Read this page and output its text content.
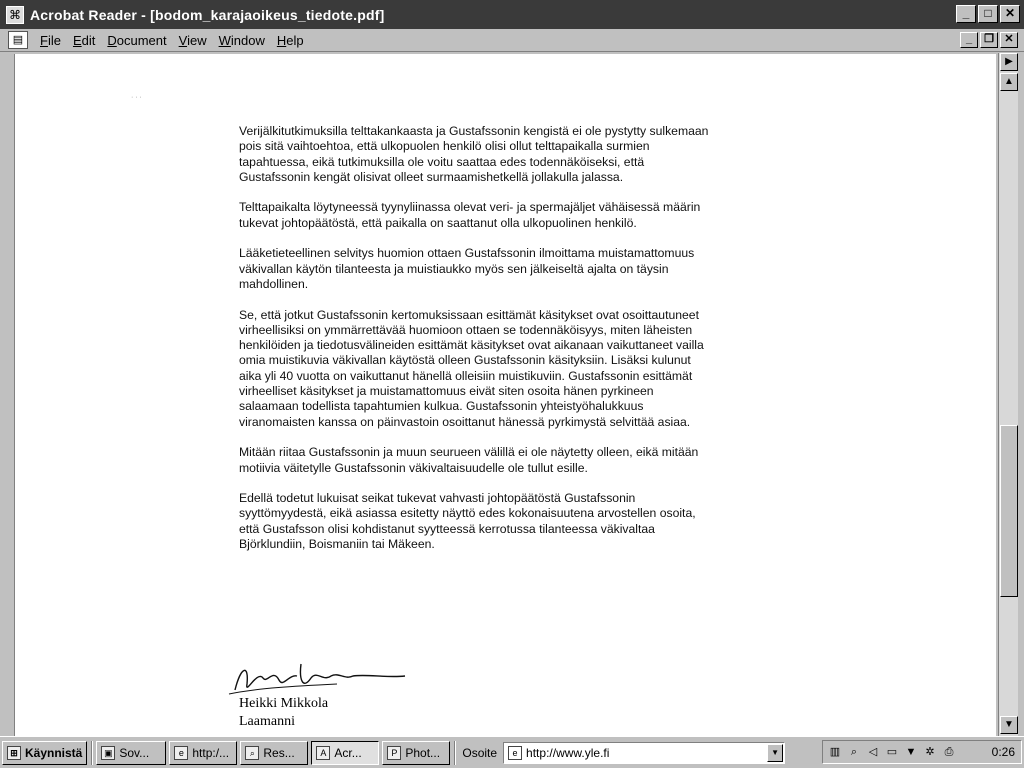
⌘ Acrobat Reader - [bodom_karajaoikeus_tiedote.pdf]	_	□	✕
▤	File Edit Document View Window Help	_	❐ ✕
· · ·

Verijälkitutkimuksilla telttakankaasta ja Gustafssonin kengistä ei ole pystytty sulkemaan pois sitä vaihtoehtoa, että ulkopuolen henkilö olisi ollut telttapaikalla surmien tapahtuessa, eikä tutkimuksilla ole voitu saattaa edes todennäköiseksi, että Gustafssonin kengät olisivat olleet surmaamishetkellä jollakulla jalassa.

Telttapaikalta löytyneessä tyynyliinassa olevat veri- ja spermajäljet vähäisessä määrin tukevat johtopäätöstä, että paikalla on saattanut olla ulkopuolinen henkilö.

Lääketieteellinen selvitys huomion ottaen Gustafssonin ilmoittama muistamattomuus väkivallan käytön tilanteesta ja muistiaukko myös sen jälkeiseltä ajalta on täysin mahdollinen.

Se, että jotkut Gustafssonin kertomuksissaan esittämät käsitykset ovat osoittautuneet virheellisiksi on ymmärrettävää huomioon ottaen se todennäköisyys, miten läheisten henkilöiden ja tiedotusvälineiden esittämät käsitykset ovat aikanaan vaikuttaneet vailla omia muistikuvia väkivallan käytöstä olleen Gustafssonin käsityksiin. Lisäksi kulunut aika yli 40 vuotta on vaikuttanut hänellä olleisiin muistikuviin. Gustafssonin esittämät virheelliset käsitykset ja muistamattomuus eivät siten osoita hänen pyrkineen salaamaan todellista tapahtumien kulkua. Gustafssonin yhteistyöhalukkuus viranomaisten kanssa on päinvastoin osoittanut hänessä pyrkimystä selvittää asiaa.

Mitään riitaa Gustafssonin ja muun seurueen välillä ei ole näytetty olleen, eikä mitään motiivia väitetylle Gustafssonin väkivaltaisuudelle ole tullut esille.

Edellä todetut lukuisat seikat tukevat vahvasti johtopäätöstä Gustafssonin syyttömyydestä, eikä asiassa esitetty näyttö edes kokonaisuutena arvostellen osoita, että Gustafsson olisi kohdistanut syytteessä kerrotussa tilanteessa väkivaltaa Björklundiin, Boismaniin tai Mäkeen.

Heikki Mikkola
Laamanni
▶
▲
▼
⊞ Käynnistä	▣ Sov...	e http:/...	⌕ Res...	A Acr...	P Phot... Osoite	e
http://www.yle.fi	▼	▥ ⌕	◁ ▭ ▼ ✲ ⎙	0:26
